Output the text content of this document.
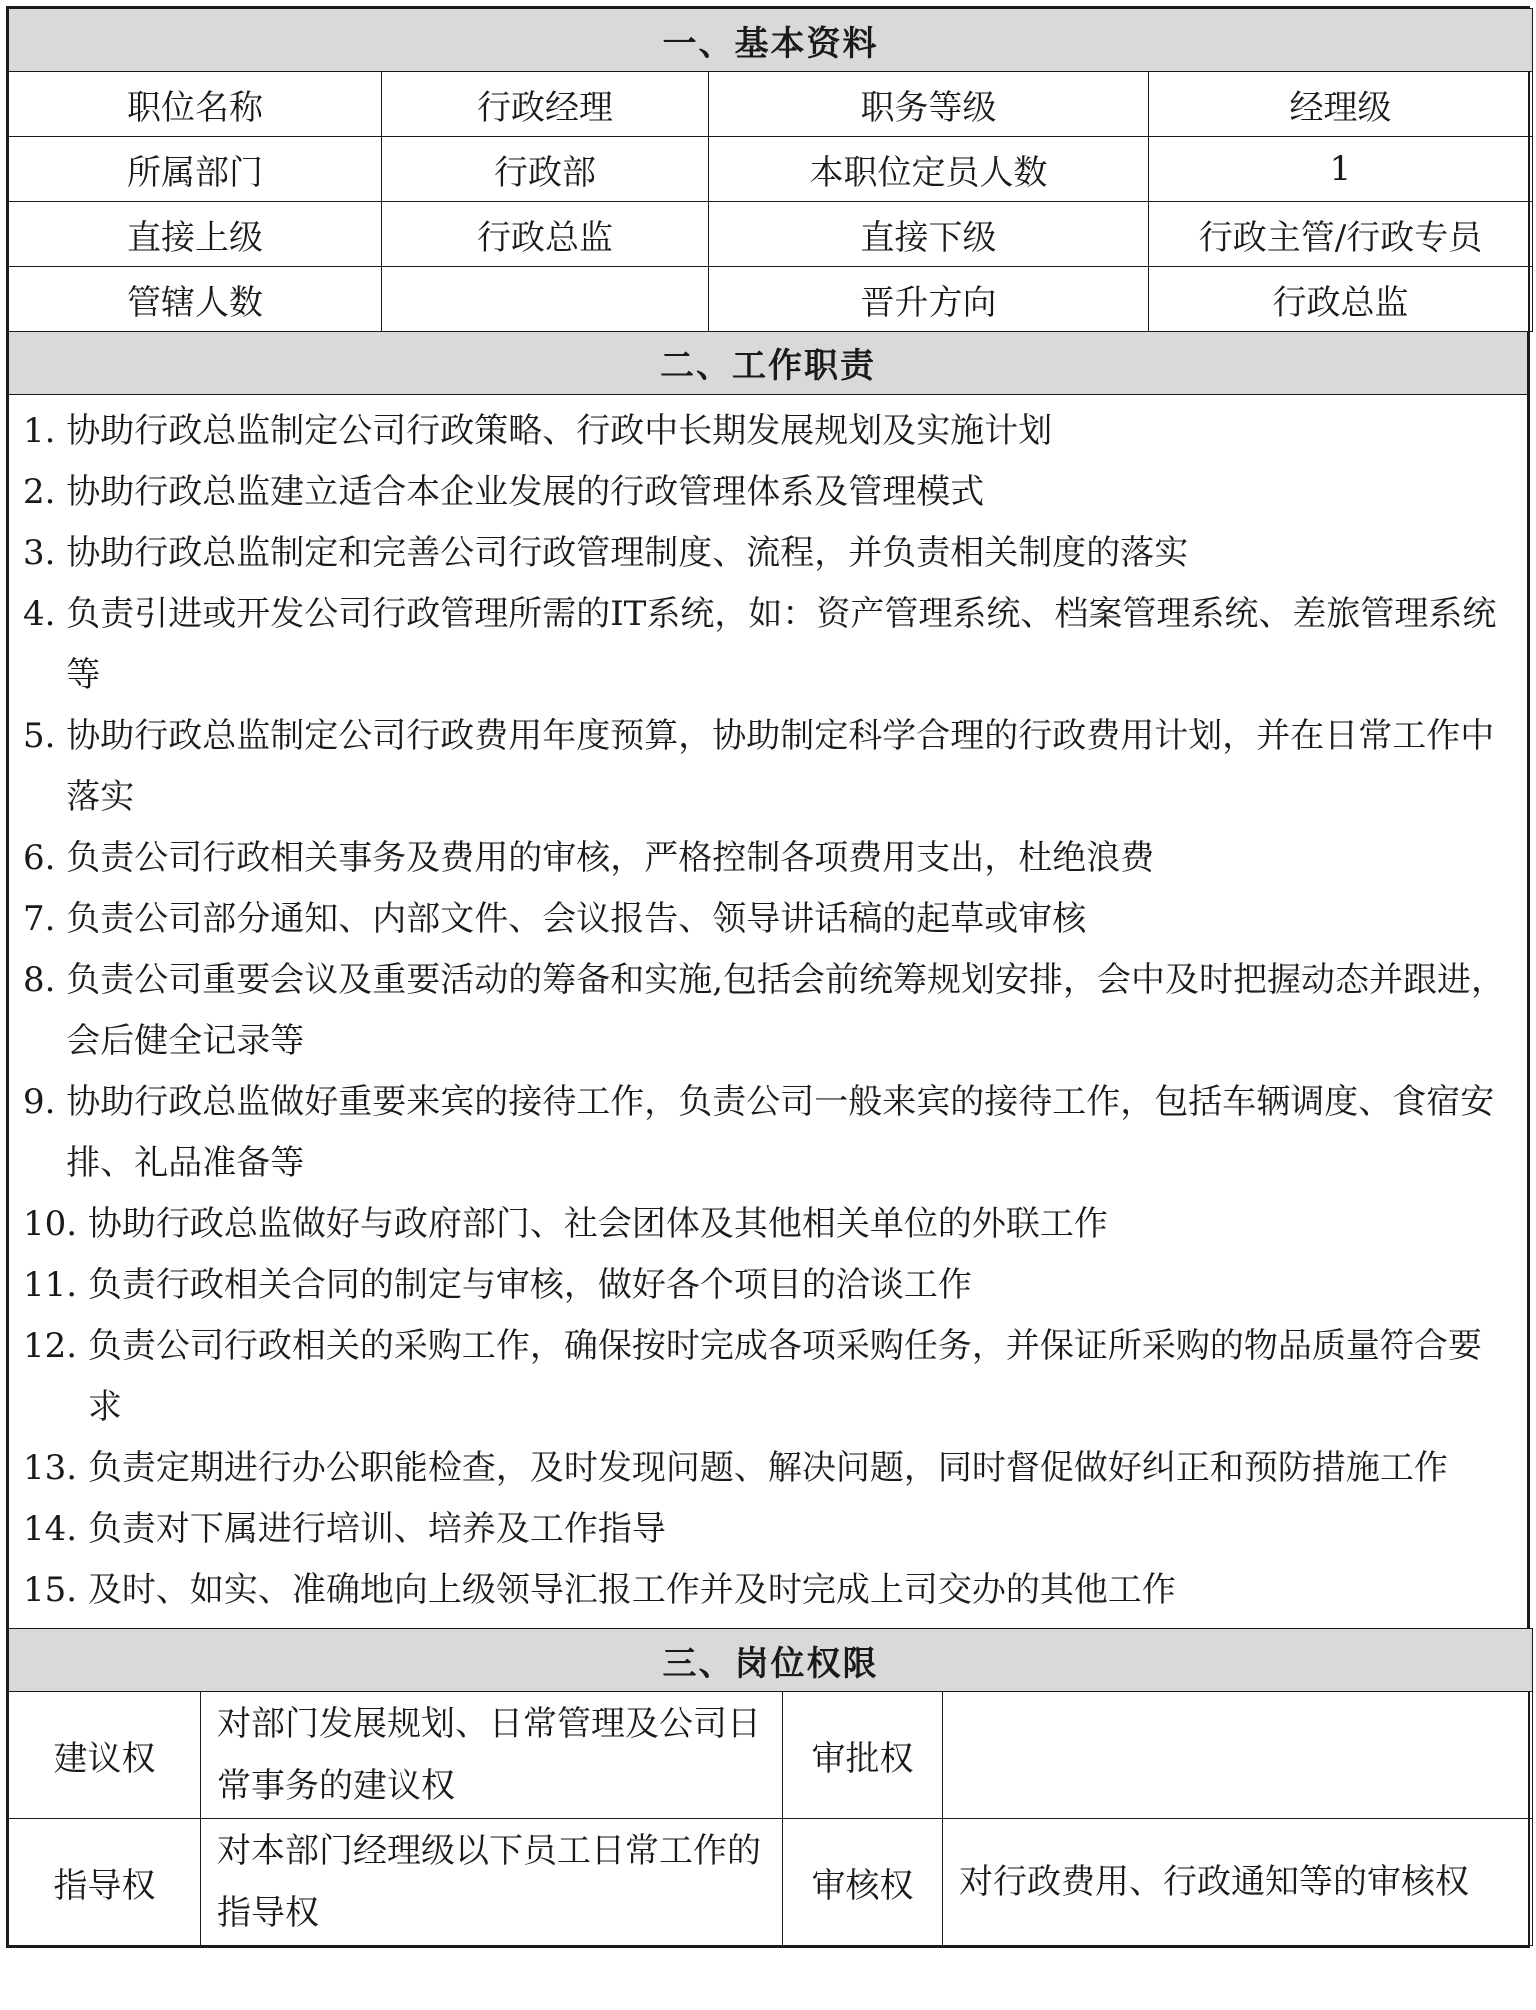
一、基本资料			
职位名称	行政经理	职务等级	经理级
所属部门	行政部	本职位定员人数	1
直接上级	行政总监	直接下级	行政主管/行政专员
管辖人数		晋升方向	行政总监
二、工作职责

1. 协助行政总监制定公司行政策略、行政中长期发展规划及实施计划
2. 协助行政总监建立适合本企业发展的行政管理体系及管理模式
3. 协助行政总监制定和完善公司行政管理制度、流程，并负责相关制度的落实
4. 负责引进或开发公司行政管理所需的IT系统，如：资产管理系统、档案管理系统、差旅管理系统等
5. 协助行政总监制定公司行政费用年度预算，协助制定科学合理的行政费用计划，并在日常工作中落实
6. 负责公司行政相关事务及费用的审核，严格控制各项费用支出，杜绝浪费
7. 负责公司部分通知、内部文件、会议报告、领导讲话稿的起草或审核
8. 负责公司重要会议及重要活动的筹备和实施,包括会前统筹规划安排，会中及时把握动态并跟进，会后健全记录等
9. 协助行政总监做好重要来宾的接待工作，负责公司一般来宾的接待工作，包括车辆调度、食宿安排、礼品准备等
10. 协助行政总监做好与政府部门、社会团体及其他相关单位的外联工作
11. 负责行政相关合同的制定与审核，做好各个项目的洽谈工作
12. 负责公司行政相关的采购工作，确保按时完成各项采购任务，并保证所采购的物品质量符合要求
13. 负责定期进行办公职能检查，及时发现问题、解决问题，同时督促做好纠正和预防措施工作
14. 负责对下属进行培训、培养及工作指导
15. 及时、如实、准确地向上级领导汇报工作并及时完成上司交办的其他工作
三、岗位权限			
建议权	对部门发展规划、日常管理及公司日常事务的建议权	审批权	
指导权	对本部门经理级以下员工日常工作的指导权	审核权	对行政费用、行政通知等的审核权
